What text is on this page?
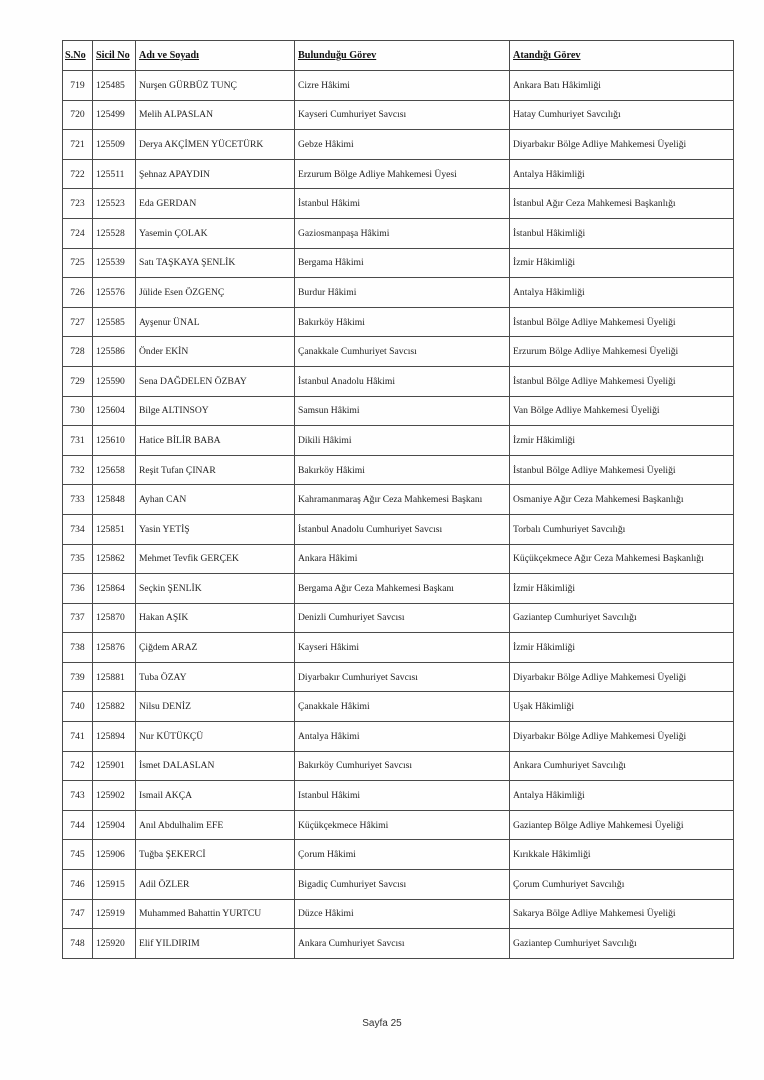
S.No	Sicil No	Adı ve Soyadı	Bulunduğu Görev	Atandığı Görev
719	125485	Nurşen GÜRBÜZ TUNÇ	Cizre Hâkimi	Ankara Batı Hâkimliği
720	125499	Melih ALPASLAN	Kayseri Cumhuriyet Savcısı	Hatay Cumhuriyet Savcılığı
721	125509	Derya AKÇİMEN YÜCETÜRK	Gebze Hâkimi	Diyarbakır Bölge Adliye Mahkemesi Üyeliği
722	125511	Şehnaz APAYDIN	Erzurum Bölge Adliye Mahkemesi Üyesi	Antalya Hâkimliği
723	125523	Eda GERDAN	İstanbul Hâkimi	İstanbul Ağır Ceza Mahkemesi Başkanlığı
724	125528	Yasemin ÇOLAK	Gaziosmanpaşa Hâkimi	İstanbul Hâkimliği
725	125539	Satı TAŞKAYA ŞENLİK	Bergama Hâkimi	İzmir Hâkimliği
726	125576	Jülide Esen ÖZGENÇ	Burdur Hâkimi	Antalya Hâkimliği
727	125585	Ayşenur ÜNAL	Bakırköy Hâkimi	İstanbul Bölge Adliye Mahkemesi Üyeliği
728	125586	Önder EKİN	Çanakkale Cumhuriyet Savcısı	Erzurum Bölge Adliye Mahkemesi Üyeliği
729	125590	Sena DAĞDELEN ÖZBAY	İstanbul Anadolu Hâkimi	İstanbul Bölge Adliye Mahkemesi Üyeliği
730	125604	Bilge ALTINSOY	Samsun Hâkimi	Van Bölge Adliye Mahkemesi Üyeliği
731	125610	Hatice BİLİR BABA	Dikili Hâkimi	İzmir Hâkimliği
732	125658	Reşit Tufan ÇINAR	Bakırköy Hâkimi	İstanbul Bölge Adliye Mahkemesi Üyeliği
733	125848	Ayhan CAN	Kahramanmaraş Ağır Ceza Mahkemesi Başkanı	Osmaniye Ağır Ceza Mahkemesi Başkanlığı
734	125851	Yasin YETİŞ	İstanbul Anadolu Cumhuriyet Savcısı	Torbalı Cumhuriyet Savcılığı
735	125862	Mehmet Tevfik GERÇEK	Ankara Hâkimi	Küçükçekmece Ağır Ceza Mahkemesi Başkanlığı
736	125864	Seçkin ŞENLİK	Bergama Ağır Ceza Mahkemesi Başkanı	İzmir Hâkimliği
737	125870	Hakan AŞIK	Denizli Cumhuriyet Savcısı	Gaziantep Cumhuriyet Savcılığı
738	125876	Çiğdem ARAZ	Kayseri Hâkimi	İzmir Hâkimliği
739	125881	Tuba ÖZAY	Diyarbakır Cumhuriyet Savcısı	Diyarbakır Bölge Adliye Mahkemesi Üyeliği
740	125882	Nilsu DENİZ	Çanakkale Hâkimi	Uşak Hâkimliği
741	125894	Nur KÜTÜKÇÜ	Antalya Hâkimi	Diyarbakır Bölge Adliye Mahkemesi Üyeliği
742	125901	İsmet DALASLAN	Bakırköy Cumhuriyet Savcısı	Ankara Cumhuriyet Savcılığı
743	125902	Ismail AKÇA	Istanbul Hâkimi	Antalya Hâkimliği
744	125904	Anıl Abdulhalim EFE	Küçükçekmece Hâkimi	Gaziantep Bölge Adliye Mahkemesi Üyeliği
745	125906	Tuğba ŞEKERCİ	Çorum Hâkimi	Kırıkkale Hâkimliği
746	125915	Adil ÖZLER	Bigadiç Cumhuriyet Savcısı	Çorum Cumhuriyet Savcılığı
747	125919	Muhammed Bahattin YURTCU	Düzce Hâkimi	Sakarya Bölge Adliye Mahkemesi Üyeliği
748	125920	Elif YILDIRIM	Ankara Cumhuriyet Savcısı	Gaziantep Cumhuriyet Savcılığı
Sayfa 25
